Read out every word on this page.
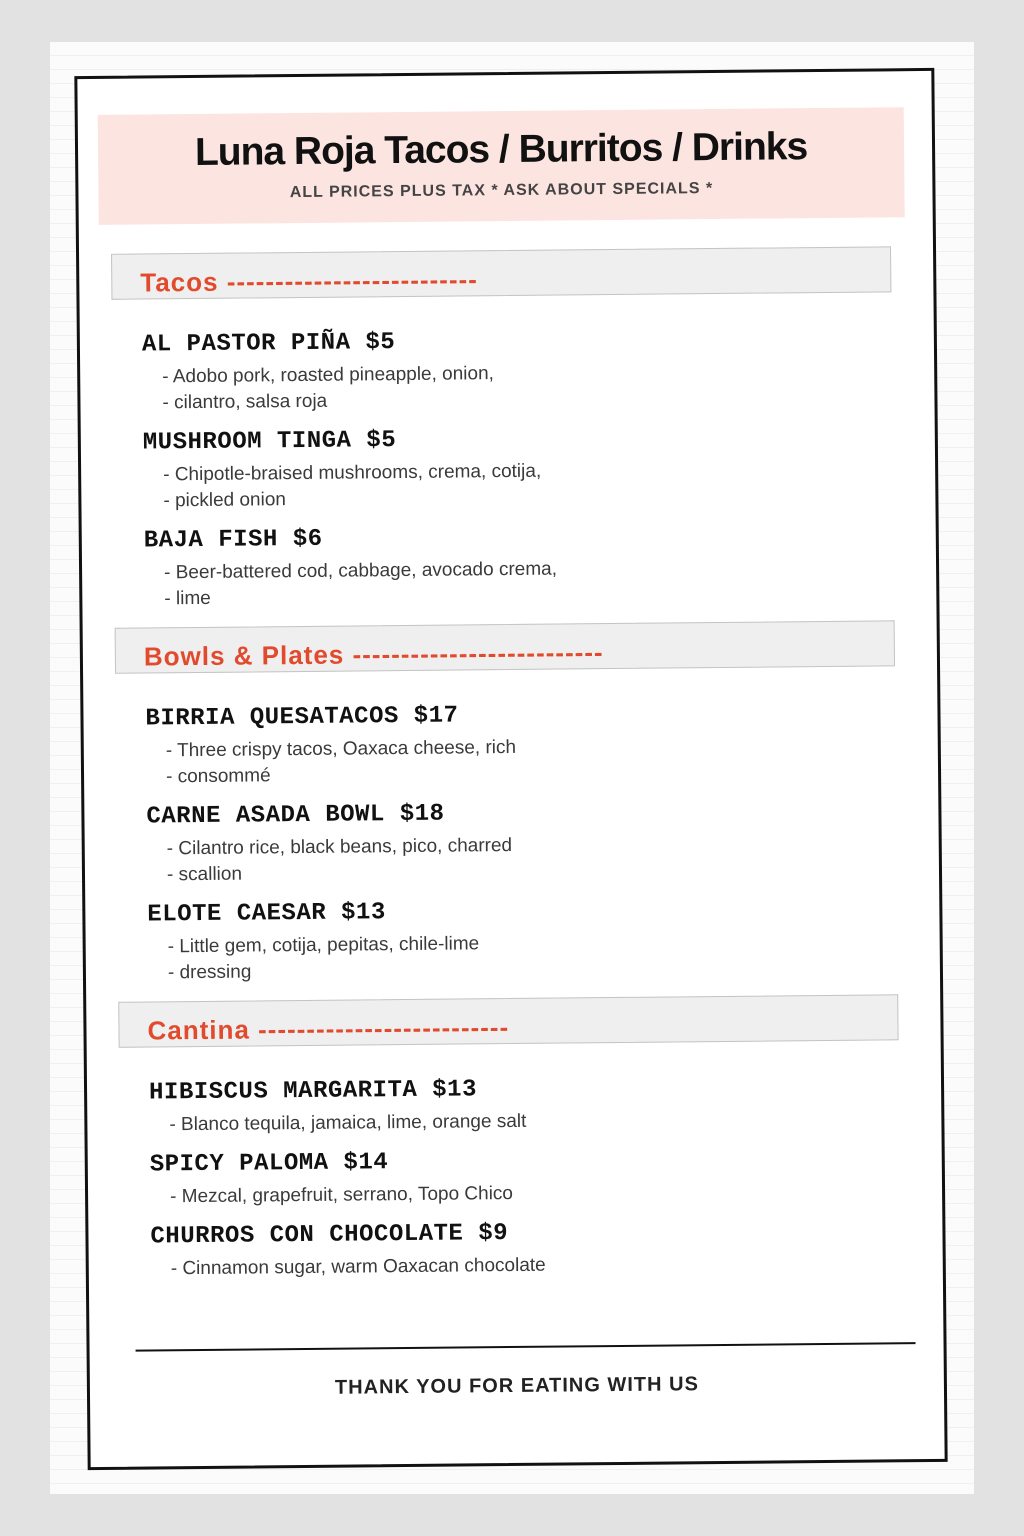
Luna Roja Tacos / Burritos / Drinks
ALL PRICES PLUS TAX * ASK ABOUT SPECIALS *
Tacos --------------------------
AL PASTOR PIÑA $5
- Adobo pork, roasted pineapple, onion,
- cilantro, salsa roja
MUSHROOM TINGA $5
- Chipotle-braised mushrooms, crema, cotija,
- pickled onion
BAJA FISH $6
- Beer-battered cod, cabbage, avocado crema,
- lime
Bowls & Plates --------------------------
BIRRIA QUESATACOS $17
- Three crispy tacos, Oaxaca cheese, rich
- consommé
CARNE ASADA BOWL $18
- Cilantro rice, black beans, pico, charred
- scallion
ELOTE CAESAR $13
- Little gem, cotija, pepitas, chile-lime
- dressing
Cantina --------------------------
HIBISCUS MARGARITA $13
- Blanco tequila, jamaica, lime, orange salt
SPICY PALOMA $14
- Mezcal, grapefruit, serrano, Topo Chico
CHURROS CON CHOCOLATE $9
- Cinnamon sugar, warm Oaxacan chocolate
THANK YOU FOR EATING WITH US
